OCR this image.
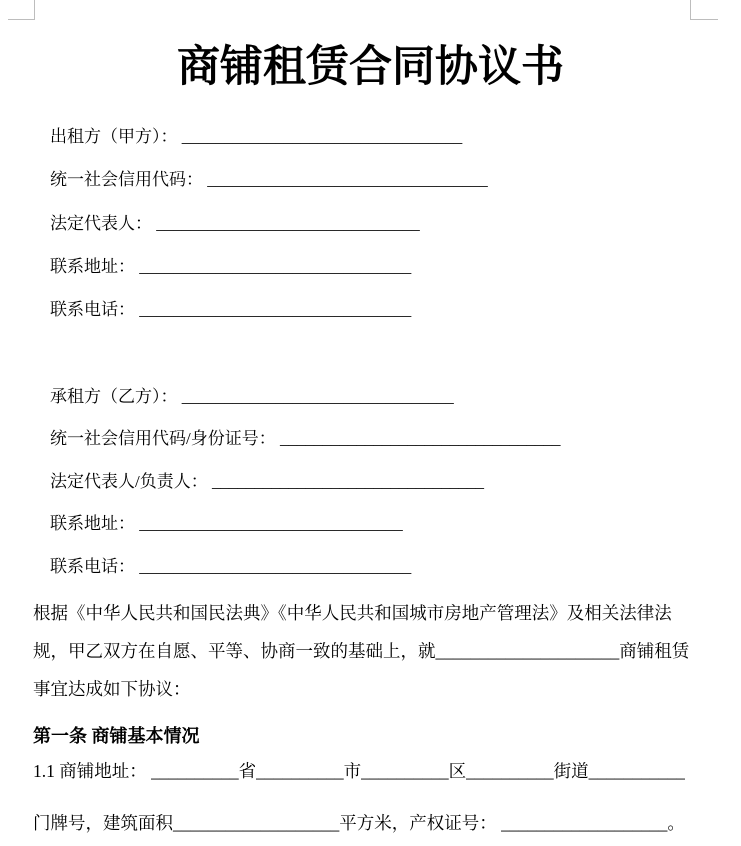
商铺租赁合同协议书

出租方（甲方）： _________________________________

统一社会信用代码： _________________________________

法定代表人： _______________________________

联系地址： ________________________________

联系电话： ________________________________

承租方（乙方）： ________________________________

统一社会信用代码/身份证号： _________________________________

法定代表人/负责人： ________________________________

联系地址： _______________________________

联系电话： ________________________________

根据《中华人民共和国民法典》《中华人民共和国城市房地产管理法》及相关法律法
规，甲乙双方在自愿、平等、协商一致的基础上，就_____________________商铺租赁
事宜达成如下协议：
第一条 商铺基本情况
1.1 商铺地址： __________省__________市__________区__________街道___________
门牌号，建筑面积___________________平方米，产权证号： ___________________。
